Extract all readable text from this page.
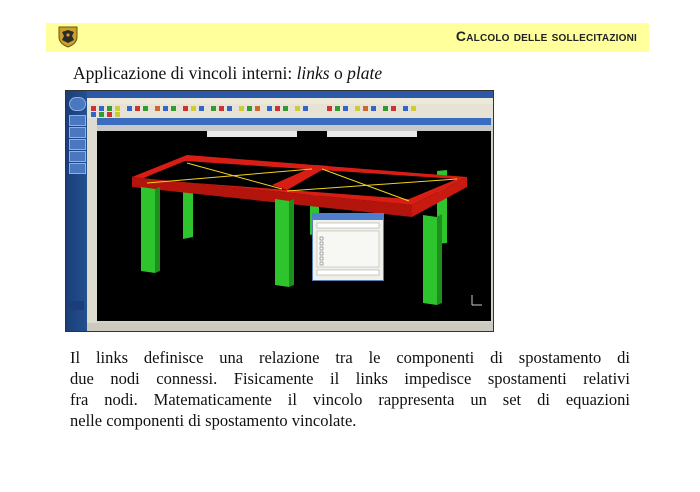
Calcolo delle sollecitazioni
Applicazione di vincoli interni: links o plate
Il links definisce una relazione tra le componenti di spostamento di
due nodi connessi. Fisicamente il links impedisce spostamenti relativi
fra nodi. Matematicamente il vincolo rappresenta un set di equazioni
nelle componenti di spostamento vincolate.
